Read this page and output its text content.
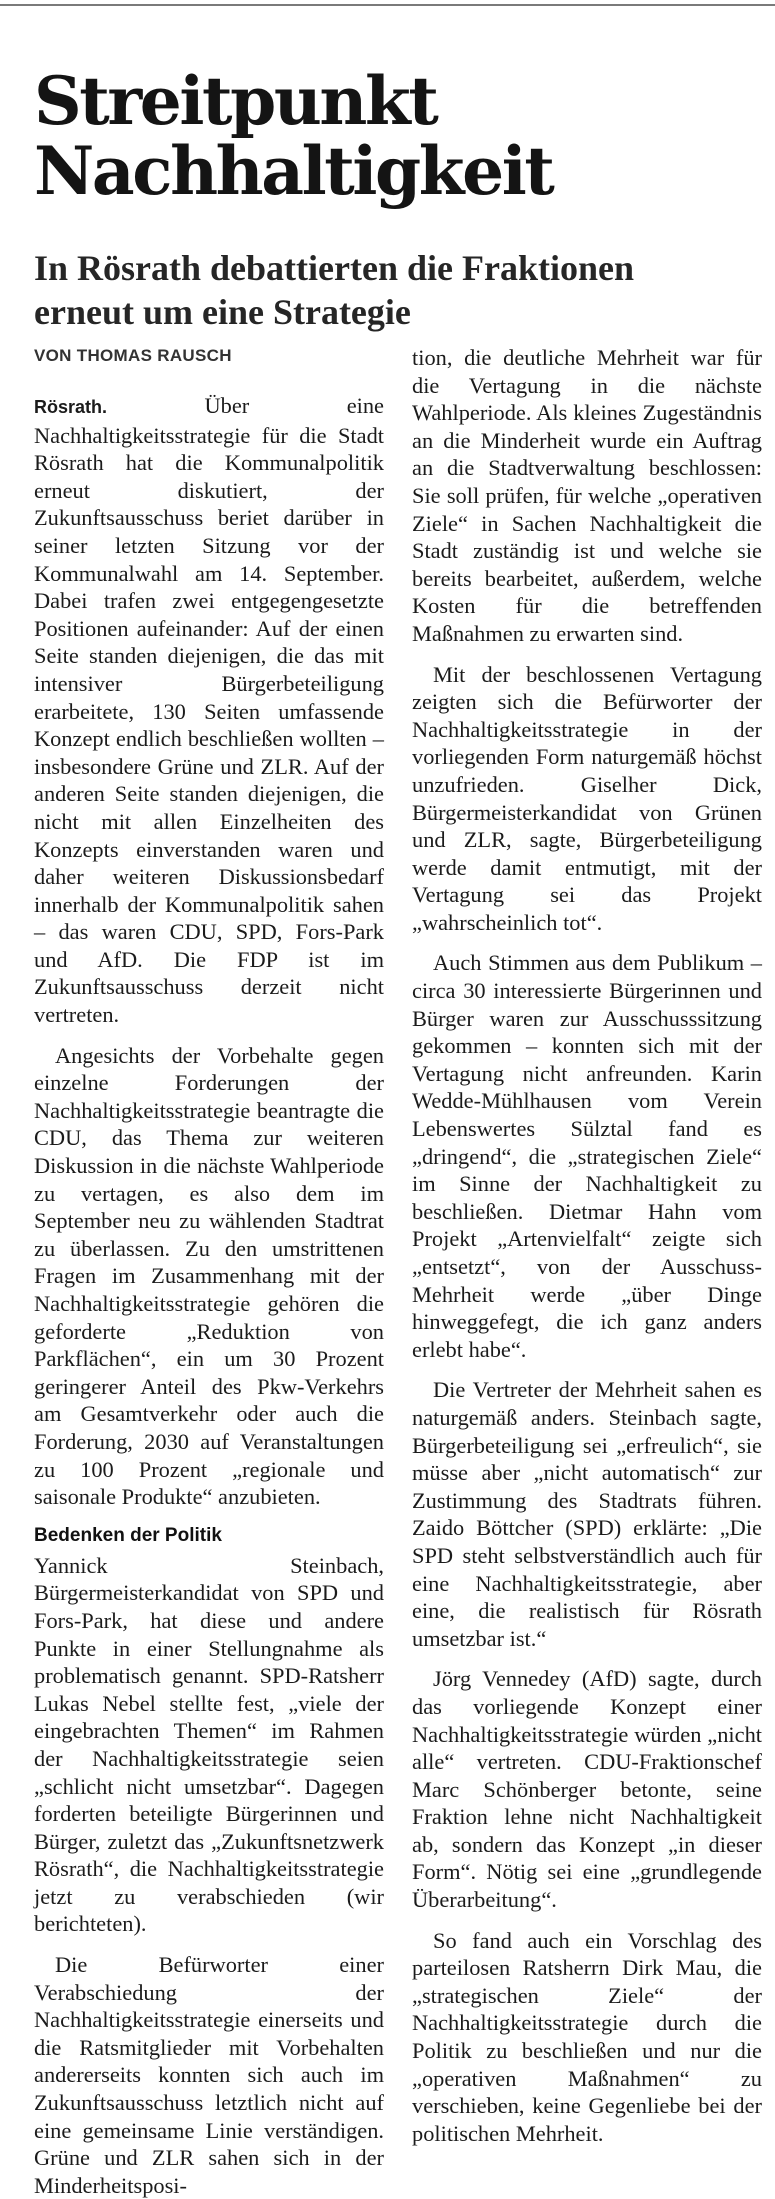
Streitpunkt
Nachhaltigkeit
In Rösrath debattierten die Fraktionen
erneut um eine Strategie
VON THOMAS RAUSCH

Rösrath.	Über eine Nachhaltigkeitsstrategie für die Stadt Rösrath hat die Kommunalpolitik erneut diskutiert, der Zukunftsausschuss beriet darüber in seiner letzten Sitzung vor der Kommunalwahl am 14. September. Dabei trafen zwei entgegengesetzte Positionen aufeinander: Auf der einen Seite standen diejenigen, die das mit intensiver Bürgerbeteiligung erarbeitete, 130 Seiten umfassende Konzept endlich beschließen wollten – insbesondere Grüne und ZLR. Auf der anderen Seite standen diejenigen, die nicht mit allen Einzelheiten des Konzepts einverstanden waren und daher weiteren Diskussionsbedarf innerhalb der Kommunalpolitik sahen – das waren CDU, SPD, Fors-Park und AfD. Die FDP ist im Zukunftsausschuss derzeit nicht vertreten.

Angesichts der Vorbehalte gegen einzelne Forderungen der Nachhaltigkeitsstrategie beantragte die CDU, das Thema zur weiteren Diskussion in die nächste Wahlperiode zu vertagen, es also dem im September neu zu wählenden Stadtrat zu überlassen. Zu den umstrittenen Fragen im Zusammenhang mit der Nachhaltigkeitsstrategie gehören die geforderte „Reduktion von Parkflächen“, ein um 30 Prozent geringerer Anteil des Pkw-Verkehrs am Gesamtverkehr oder auch die Forderung, 2030 auf Veranstaltungen zu 100 Prozent „regionale und saisonale Produkte“ anzubieten.

Bedenken der Politik

Yannick Steinbach, Bürgermeisterkandidat von SPD und Fors-Park, hat diese und andere Punkte in einer Stellungnahme als problematisch genannt. SPD-Ratsherr Lukas Nebel stellte fest, „viele der eingebrachten Themen“ im Rahmen der Nachhaltigkeitsstrategie seien „schlicht nicht umsetzbar“. Dagegen forderten beteiligte Bürgerinnen und Bürger, zuletzt das „Zukunftsnetzwerk Rösrath“, die Nachhaltigkeitsstrategie jetzt zu verabschieden (wir berichteten).

Die Befürworter einer Verabschiedung der Nachhaltigkeitsstrategie einerseits und die Ratsmitglieder mit Vorbehalten andererseits konnten sich auch im Zukunftsausschuss letztlich nicht auf eine gemeinsame Linie verständigen. Grüne und ZLR sahen sich in der Minderheitsposi-

tion, die deutliche Mehrheit war für die Vertagung in die nächste Wahlperiode. Als kleines Zugeständnis an die Minderheit wurde ein Auftrag an die Stadtverwaltung beschlossen: Sie soll prüfen, für welche „operativen Ziele“ in Sachen Nachhaltigkeit die Stadt zuständig ist und welche sie bereits bearbeitet, außerdem, welche Kosten für die betreffenden Maßnahmen zu erwarten sind.

Mit der beschlossenen Vertagung zeigten sich die Befürworter der Nachhaltigkeitsstrategie in der vorliegenden Form naturgemäß höchst unzufrieden. Giselher Dick, Bürgermeisterkandidat von Grünen und ZLR, sagte, Bürgerbeteiligung werde damit entmutigt, mit der Vertagung sei das Projekt „wahrscheinlich tot“.

Auch Stimmen aus dem Publikum – circa 30 interessierte Bürgerinnen und Bürger waren zur Ausschusssitzung gekommen – konnten sich mit der Vertagung nicht anfreunden. Karin Wedde-Mühlhausen vom Verein Lebenswertes Sülztal fand es „dringend“, die „strategischen Ziele“ im Sinne der Nachhaltigkeit zu beschließen. Dietmar Hahn vom Projekt „Artenvielfalt“ zeigte sich „entsetzt“, von der Ausschuss-Mehrheit werde „über Dinge hinweggefegt, die ich ganz anders erlebt habe“.

Die Vertreter der Mehrheit sahen es naturgemäß anders. Steinbach sagte, Bürgerbeteiligung sei „erfreulich“, sie müsse aber „nicht automatisch“ zur Zustimmung des Stadtrats führen. Zaido Böttcher (SPD) erklärte: „Die SPD steht selbstverständlich auch für eine Nachhaltigkeitsstrategie, aber eine, die realistisch für Rösrath umsetzbar ist.“

Jörg Vennedey (AfD) sagte, durch das vorliegende Konzept einer Nachhaltigkeitsstrategie würden „nicht alle“ vertreten. CDU-Fraktionschef Marc Schönberger betonte, seine Fraktion lehne nicht Nachhaltigkeit ab, sondern das Konzept „in dieser Form“. Nötig sei eine „grundlegende Überarbeitung“.

So fand auch ein Vorschlag des parteilosen Ratsherrn Dirk Mau, die „strategischen Ziele“ der Nachhaltigkeitsstrategie durch die Politik zu beschließen und nur die „operativen Maßnahmen“ zu verschieben, keine Gegenliebe bei der politischen Mehrheit.
